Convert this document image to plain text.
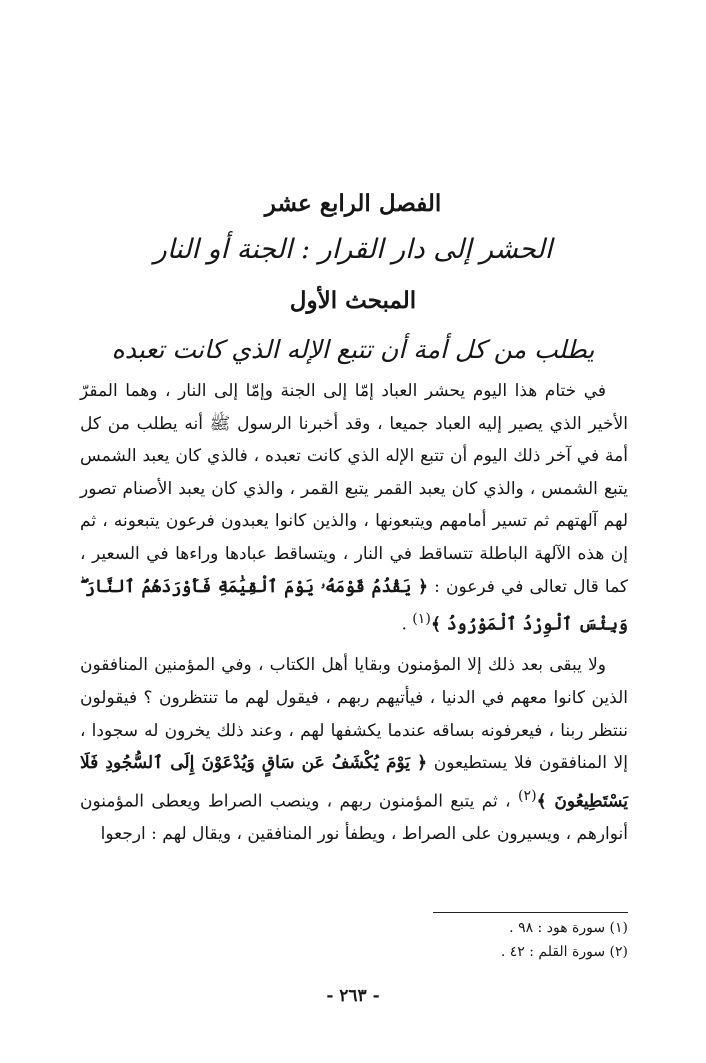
الفصل الرابع عشر
الحشر إلى دار القرار : الجنة أو النار
المبحث الأول
يطلب من كل أمة أن تتبع الإله الذي كانت تعبده

في ختام هذا اليوم يحشر العباد إمّا إلى الجنة وإمّا إلى النار ، وهما المقرّ الأخير الذي يصير إليه العباد جميعا ، وقد أخبرنا الرسول ﷺ أنه يطلب من كل أمة في آخر ذلك اليوم أن تتبع الإله الذي كانت تعبده ، فالذي كان يعبد الشمس يتبع الشمس ، والذي كان يعبد القمر يتبع القمر ، والذي كان يعبد الأصنام تصور لهم آلهتهم ثم تسير أمامهم ويتبعونها ، والذين كانوا يعبدون فرعون يتبعونه ، ثم إن هذه الآلهة الباطلة تتساقط في النار ، ويتساقط عبادها وراءها في السعير ، كما قال تعالى في فرعون : ﴿ يَقْدُمُ قَوْمَهُۥ يَوْمَ ٱلْقِيَٰمَةِ فَأَوْرَدَهُمُ ٱلنَّارَ ۖ وَبِئْسَ ٱلْوِرْدُ ٱلْمَوْرُودُ ﴾$^{(١)}$ .

ولا يبقى بعد ذلك إلا المؤمنون وبقايا أهل الكتاب ، وفي المؤمنين المنافقون الذين كانوا معهم في الدنيا ، فيأتيهم ربهم ، فيقول لهم ما تنتظرون ؟ فيقولون ننتظر ربنا ، فيعرفونه بساقه عندما يكشفها لهم ، وعند ذلك يخرون له سجودا ، إلا المنافقون فلا يستطيعون ﴿ يَوْمَ يُكْشَفُ عَن سَاقٍ وَيُدْعَوْنَ إِلَى ٱلسُّجُودِ فَلَا يَسْتَطِيعُونَ ﴾$^{(٢)}$ ، ثم يتبع المؤمنون ربهم ، وينصب الصراط ويعطى المؤمنون أنوارهم ، ويسيرون على الصراط ، ويطفأ نور المنافقين ، ويقال لهم : ارجعوا

(١) سورة هود : ٩٨ .
(٢) سورة القلم : ٤٢ .
- ٢٦٣ -
